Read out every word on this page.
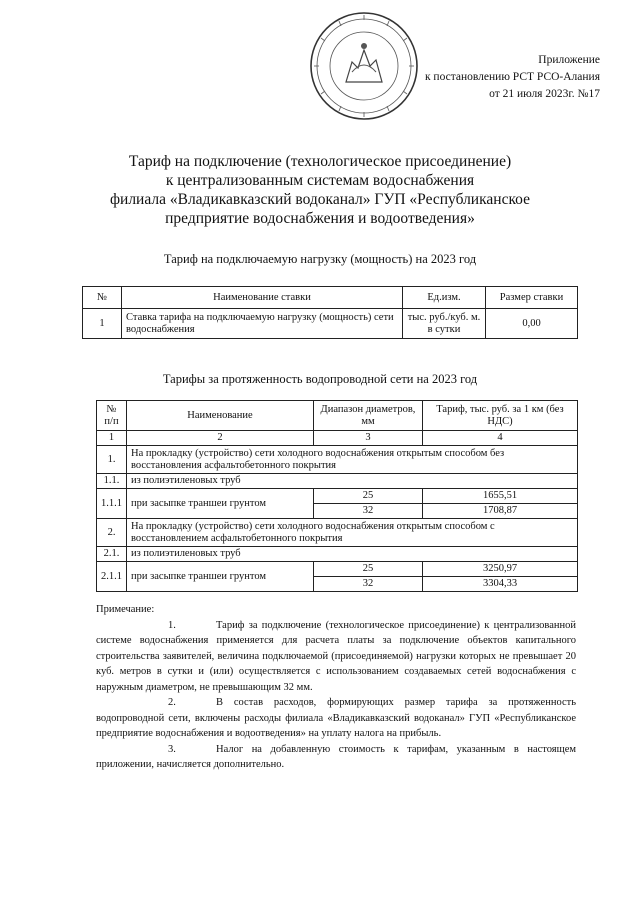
Приложение
к постановлению РСТ РСО-Алания
от 21 июля 2023г. №17
Тариф на подключение (технологическое присоединение)
к централизованным системам водоснабжения
филиала «Владикавказский водоканал» ГУП «Республиканское
предприятие водоснабжения и водоотведения»
Тариф на подключаемую нагрузку (мощность) на 2023 год
№	Наименование ставки	Ед.изм.	Размер ставки
1	Ставка тарифа на подключаемую нагрузку (мощность) сети водоснабжения	тыс. руб./куб. м. в сутки	0,00
Тарифы за протяженность водопроводной сети на 2023 год
№ п/п	Наименование	Диапазон диаметров, мм	Тариф, тыс. руб. за 1 км (без НДС)
1	2	3	4
1.	На прокладку (устройство) сети холодного водоснабжения открытым способом без восстановления асфальтобетонного покрытия		
1.1.	из полиэтиленовых труб		
1.1.1	при засыпке траншеи грунтом	25	1655,51
		32	1708,87
2.	На прокладку (устройство) сети холодного водоснабжения открытым способом с восстановлением асфальтобетонного покрытия		
2.1.	из полиэтиленовых труб		
2.1.1	при засыпке траншеи грунтом	25	3250,97
		32	3304,33

Примечание:

1.	Тариф за подключение (технологическое присоединение) к централизованной системе водоснабжения применяется для расчета платы за подключение объектов капитального строительства заявителей, величина подключаемой (присоединяемой) нагрузки которых не превышает 20 куб. метров в сутки и (или) осуществляется с использованием создаваемых сетей водоснабжения с наружным диаметром, не превышающим 32 мм.

2.	В состав расходов, формирующих размер тарифа за протяженность водопроводной сети, включены расходы филиала «Владикавказский водоканал» ГУП «Республиканское предприятие водоснабжения и водоотведения» на уплату налога на прибыль.

3.	Налог на добавленную стоимость к тарифам, указанным в настоящем приложении, начисляется дополнительно.
